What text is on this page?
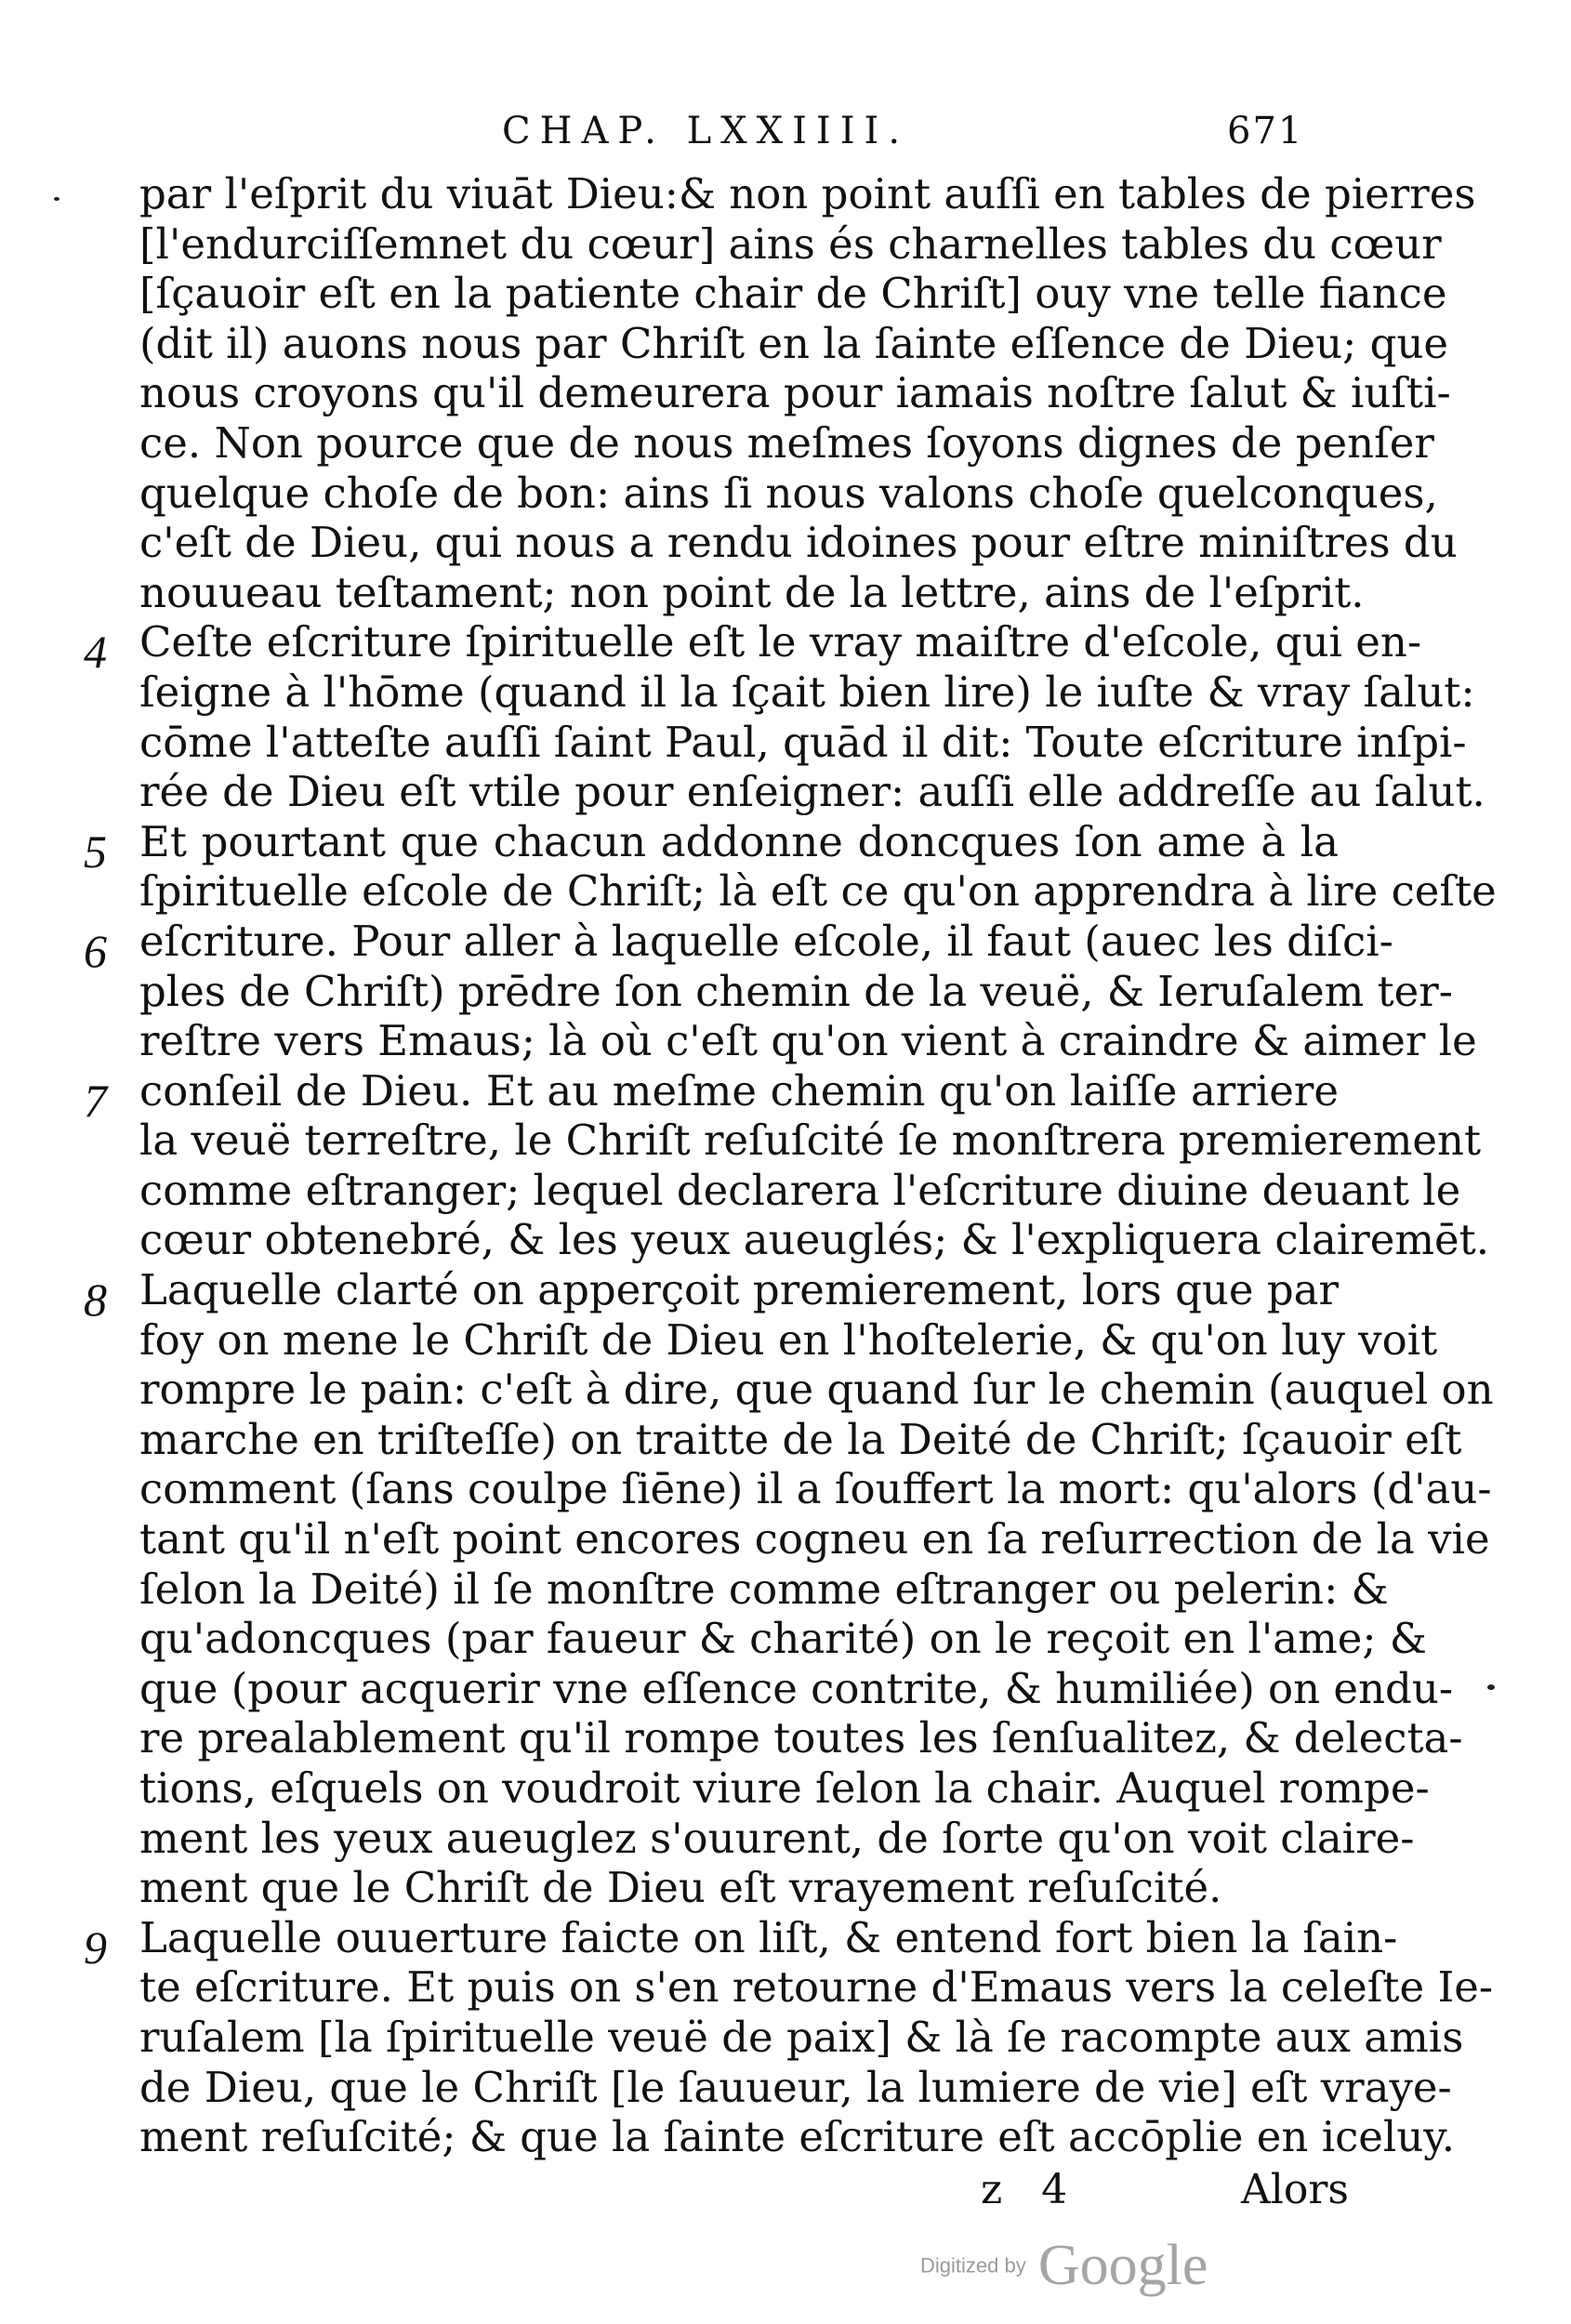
CHAP. LXXIIII.	671
4
5
6
7
8
9
par l'eſprit du viuāt Dieu:& non point auſſi en tables de pierres
[l'endurciſſemnet du cœur] ains és charnelles tables du cœur
[ſçauoir eſt en la patiente chair de Chriſt] ouy vne telle fiance
(dit il) auons nous par Chriſt en la ſainte eſſence de Dieu; que
nous croyons qu'il demeurera pour iamais noſtre ſalut & iuſti-
ce. Non pource que de nous meſmes ſoyons dignes de penſer
quelque choſe de bon: ains ſi nous valons choſe quelconques,
c'eſt de Dieu, qui nous a rendu idoines pour eſtre miniſtres du
nouueau teſtament; non point de la lettre, ains de l'eſprit.
Ceſte eſcriture ſpirituelle eſt le vray maiſtre d'eſcole, qui en-
ſeigne à l'hōme (quand il la ſçait bien lire) le iuſte & vray ſalut:
cōme l'atteſte auſſi ſaint Paul, quād il dit: Toute eſcriture inſpi-
rée de Dieu eſt vtile pour enſeigner: auſſi elle addreſſe au ſalut.
Et pourtant que chacun addonne doncques ſon ame à la
ſpirituelle eſcole de Chriſt; là eſt ce qu'on apprendra à lire ceſte
eſcriture. Pour aller à laquelle eſcole, il faut (auec les diſci-
ples de Chriſt) prēdre ſon chemin de la veuë, & Ieruſalem ter-
reſtre vers Emaus; là où c'eſt qu'on vient à craindre & aimer le
conſeil de Dieu. Et au meſme chemin qu'on laiſſe arriere
la veuë terreſtre, le Chriſt reſuſcité ſe monſtrera premierement
comme eſtranger; lequel declarera l'eſcriture diuine deuant le
cœur obtenebré, & les yeux aueuglés; & l'expliquera clairemēt.
Laquelle clarté on apperçoit premierement, lors que par
foy on mene le Chriſt de Dieu en l'hoſtelerie, & qu'on luy voit
rompre le pain: c'eſt à dire, que quand ſur le chemin (auquel on
marche en triſteſſe) on traitte de la Deité de Chriſt; ſçauoir eſt
comment (ſans coulpe ſiēne) il a ſouffert la mort: qu'alors (d'au-
tant qu'il n'eſt point encores cogneu en ſa reſurrection de la vie
ſelon la Deité) il ſe monſtre comme eſtranger ou pelerin: &
qu'adoncques (par faueur & charité) on le reçoit en l'ame; &
que (pour acquerir vne eſſence contrite, & humiliée) on endu-
re prealablement qu'il rompe toutes les ſenſualitez, & delecta-
tions, eſquels on voudroit viure ſelon la chair. Auquel rompe-
ment les yeux aueuglez s'ouurent, de ſorte qu'on voit claire-
ment que le Chriſt de Dieu eſt vrayement reſuſcité.
Laquelle ouuerture faicte on liſt, & entend fort bien la ſain-
te eſcriture. Et puis on s'en retourne d'Emaus vers la celeſte Ie-
ruſalem [la ſpirituelle veuë de paix] & là ſe racompte aux amis
de Dieu, que le Chriſt [le ſauueur, la lumiere de vie] eſt vraye-
ment reſuſcité; & que la ſainte eſcriture eſt accōplie en iceluy.
z 4	Alors
Digitized by Google
